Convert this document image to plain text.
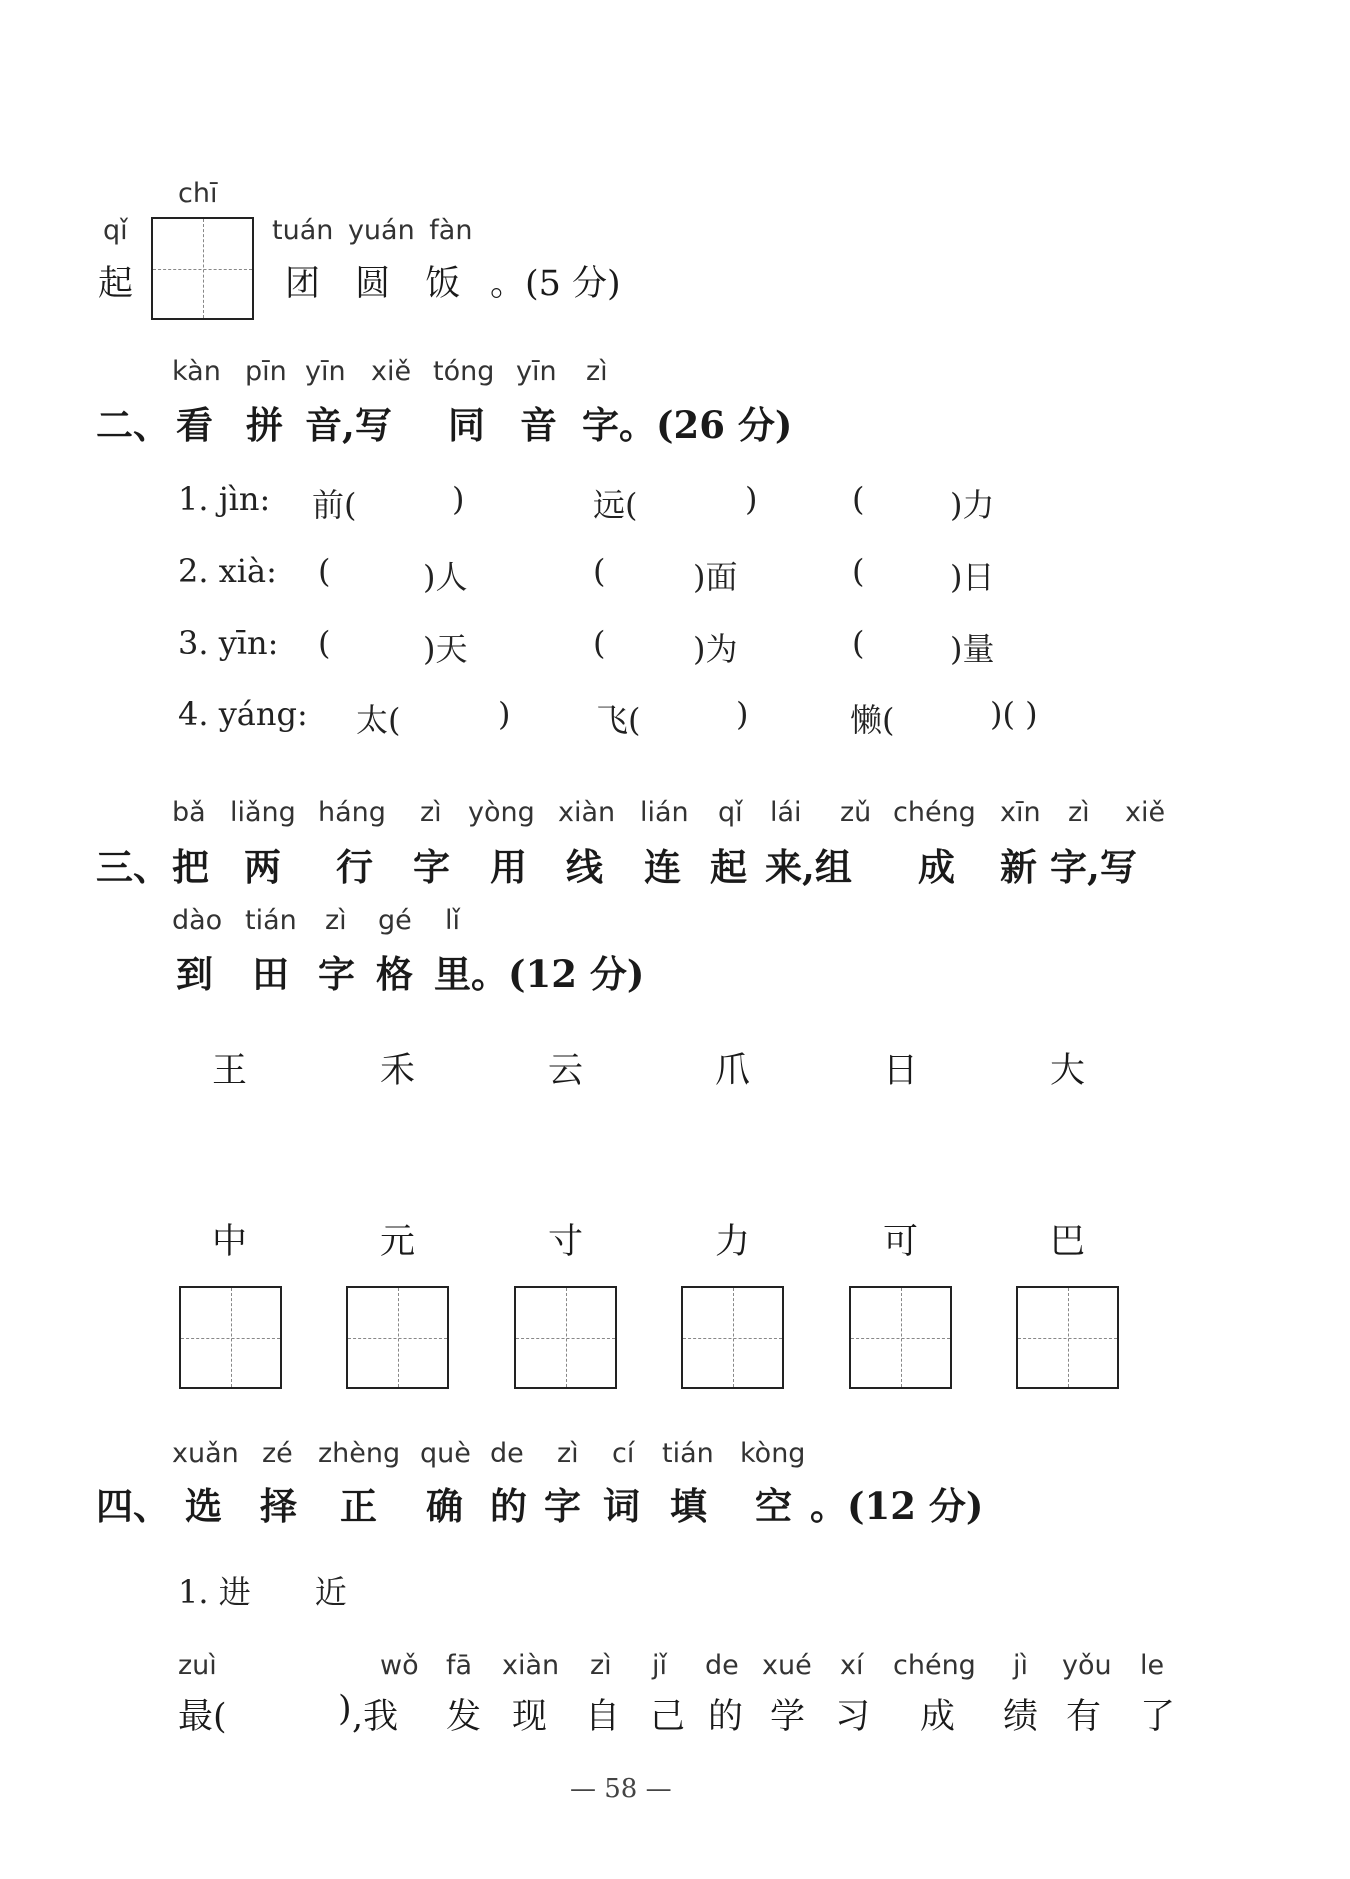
chī
qǐ	tuán yuán fàn
起	团 圆 饭 。(5 分)
kàn pīn yīn xiě tóng yīn zì
二、 看 拼 音 ,写 同 音 字。(26 分)
1. jìn: 前(	)	远(	)	(	)力
2. xià: (	)人	(	)面	(	)日
3. yīn: (	)天	(	)为	(	)量
4. yáng: 太(	)	飞(	)	懒(	)( )
bǎ liǎng háng zì yòng xiàn lián qǐ lái zǔ chéng xīn zì xiě
三、 把 两 行 字 用 线 连 起 来,组 成 新 字,写
dào tián zì gé lǐ
到 田 字 格 里。(12 分)
王	禾	云	爪	日	大
中	元	寸	力	可	巴
xuǎn zé zhèng què de zì cí tián kòng
四、 选 择 正 确 的 字 词 填 空 。(12 分)
1. 进　　近
zuì	wǒ fā xiàn zì jǐ de xué xí chéng jì yǒu le
最(	) ,我 发 现 自 己 的 学 习 成 绩 有 了
— 58 —
